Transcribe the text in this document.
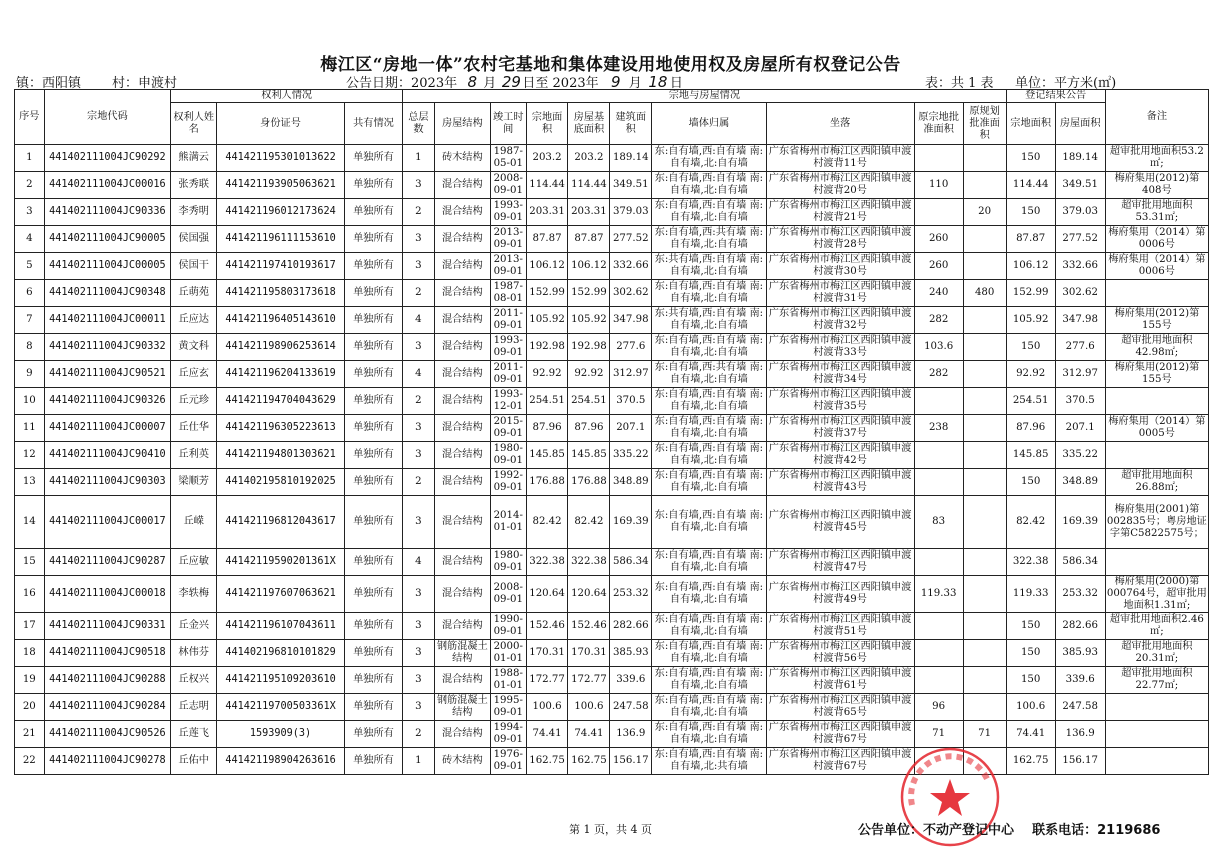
梅江区“房地一体”农村宅基地和集体建设用地使用权及房屋所有权登记公告
镇：西阳镇 村：申渡村	公告日期：2023年 8 月 29日至 2023年 9 月 18 日	表：共 1 表 单位：平方米(㎡)
序号	宗地代码	权利人情况			宗地与房屋情况										登记结果公告		备注
		权利人姓名	身份证号	共有情况	总层数	房屋结构	竣工时间	宗地面积	房屋基底面积	建筑面积	墙体归属	坐落	原宗地批准面积	原规划批准面积	宗地面积	房屋面积	
1	441402111004JC90292	熊满云	441421195301013622	单独所有	1	砖木结构	1987-05-01	203.2	203.2	189.14	东:自有墙,西:自有墙 南:自有墙,北:自有墙	广东省梅州市梅江区西阳镇申渡村渡背11号			150	189.14	超审批用地面积53.2㎡;
2	441402111004JC00016	张秀联	441421193905063621	单独所有	3	混合结构	2008-09-01	114.44	114.44	349.51	东:自有墙,西:自有墙 南:自有墙,北:自有墙	广东省梅州市梅江区西阳镇申渡村渡背20号	110		114.44	349.51	梅府集用(2012)第408号
3	441402111004JC90336	李秀明	441421196012173624	单独所有	2	混合结构	1993-09-01	203.31	203.31	379.03	东:自有墙,西:自有墙 南:自有墙,北:自有墙	广东省梅州市梅江区西阳镇申渡村渡背21号		20	150	379.03	超审批用地面积53.31㎡;
4	441402111004JC90005	侯国强	441421196111153610	单独所有	3	混合结构	2013-09-01	87.87	87.87	277.52	东:自有墙,西:共有墙 南:自有墙,北:自有墙	广东省梅州市梅江区西阳镇申渡村渡背28号	260		87.87	277.52	梅府集用（2014）第0006号
5	441402111004JC00005	侯国干	441421197410193617	单独所有	3	混合结构	2013-09-01	106.12	106.12	332.66	东:共有墙,西:自有墙 南:自有墙,北:自有墙	广东省梅州市梅江区西阳镇申渡村渡背30号	260		106.12	332.66	梅府集用（2014）第0006号
6	441402111004JC90348	丘萌苑	441421195803173618	单独所有	2	混合结构	1987-08-01	152.99	152.99	302.62	东:自有墙,西:自有墙 南:自有墙,北:自有墙	广东省梅州市梅江区西阳镇申渡村渡背31号	240	480	152.99	302.62	
7	441402111004JC00011	丘应达	441421196405143610	单独所有	4	混合结构	2011-09-01	105.92	105.92	347.98	东:共有墙,西:自有墙 南:自有墙,北:自有墙	广东省梅州市梅江区西阳镇申渡村渡背32号	282		105.92	347.98	梅府集用(2012)第155号
8	441402111004JC90332	黄文科	441421198906253614	单独所有	3	混合结构	1993-09-01	192.98	192.98	277.6	东:自有墙,西:自有墙 南:自有墙,北:自有墙	广东省梅州市梅江区西阳镇申渡村渡背33号	103.6		150	277.6	超审批用地面积42.98㎡;
9	441402111004JC90521	丘应玄	441421196204133619	单独所有	4	混合结构	2011-09-01	92.92	92.92	312.97	东:自有墙,西:共有墙 南:自有墙,北:自有墙	广东省梅州市梅江区西阳镇申渡村渡背34号	282		92.92	312.97	梅府集用(2012)第155号
10	441402111004JC90326	丘元珍	441421194704043629	单独所有	2	混合结构	1993-12-01	254.51	254.51	370.5	东:自有墙,西:自有墙 南:自有墙,北:自有墙	广东省梅州市梅江区西阳镇申渡村渡背35号			254.51	370.5	
11	441402111004JC00007	丘仕华	441421196305223613	单独所有	3	混合结构	2015-09-01	87.96	87.96	207.1	东:自有墙,西:自有墙 南:自有墙,北:自有墙	广东省梅州市梅江区西阳镇申渡村渡背37号	238		87.96	207.1	梅府集用（2014）第0005号
12	441402111004JC90410	丘利英	441421194801303621	单独所有	3	混合结构	1980-09-01	145.85	145.85	335.22	东:自有墙,西:自有墙 南:自有墙,北:自有墙	广东省梅州市梅江区西阳镇申渡村渡背42号			145.85	335.22	
13	441402111004JC90303	梁顺芳	441402195810192025	单独所有	2	混合结构	1992-09-01	176.88	176.88	348.89	东:自有墙,西:自有墙 南:自有墙,北:自有墙	广东省梅州市梅江区西阳镇申渡村渡背43号			150	348.89	超审批用地面积26.88㎡;
14	441402111004JC00017	丘嵘	441421196812043617	单独所有	3	混合结构	2014-01-01	82.42	82.42	169.39	东:自有墙,西:自有墙 南:自有墙,北:自有墙	广东省梅州市梅江区西阳镇申渡村渡背45号	83		82.42	169.39	梅府集用(2001)第002835号；粤房地证字第C5822575号；
15	441402111004JC90287	丘应敏	44142119590201361X	单独所有	4	混合结构	1980-09-01	322.38	322.38	586.34	东:自有墙,西:自有墙 南:自有墙,北:自有墙	广东省梅州市梅江区西阳镇申渡村渡背47号			322.38	586.34	
16	441402111004JC00018	李轶梅	441421197607063621	单独所有	3	混合结构	2008-09-01	120.64	120.64	253.32	东:自有墙,西:自有墙 南:自有墙,北:自有墙	广东省梅州市梅江区西阳镇申渡村渡背49号	119.33		119.33	253.32	梅府集用(2000)第000764号，超审批用地面积1.31㎡;
17	441402111004JC90331	丘金兴	441421196107043611	单独所有	3	混合结构	1990-09-01	152.46	152.46	282.66	东:自有墙,西:自有墙 南:自有墙,北:自有墙	广东省梅州市梅江区西阳镇申渡村渡背51号			150	282.66	超审批用地面积2.46㎡;
18	441402111004JC90518	林伟芬	441402196810101829	单独所有	3	钢筋混凝土结构	2000-01-01	170.31	170.31	385.93	东:自有墙,西:自有墙 南:自有墙,北:自有墙	广东省梅州市梅江区西阳镇申渡村渡背56号			150	385.93	超审批用地面积20.31㎡;
19	441402111004JC90288	丘权兴	441421195109203610	单独所有	3	混合结构	1988-01-01	172.77	172.77	339.6	东:自有墙,西:自有墙 南:自有墙,北:自有墙	广东省梅州市梅江区西阳镇申渡村渡背61号			150	339.6	超审批用地面积22.77㎡;
20	441402111004JC90284	丘志明	44142119700503361X	单独所有	3	钢筋混凝土结构	1995-09-01	100.6	100.6	247.58	东:自有墙,西:自有墙 南:自有墙,北:自有墙	广东省梅州市梅江区西阳镇申渡村渡背65号	96		100.6	247.58	
21	441402111004JC90526	丘莲飞	1593909(3)	单独所有	2	混合结构	1994-09-01	74.41	74.41	136.9	东:自有墙,西:自有墙 南:自有墙,北:自有墙	广东省梅州市梅江区西阳镇申渡村渡背67号	71	71	74.41	136.9	
22	441402111004JC90278	丘佑中	441421198904263616	单独所有	1	砖木结构	1976-09-01	162.75	162.75	156.17	东:自有墙,西:自有墙 南:自有墙,北:共有墙	广东省梅州市梅江区西阳镇申渡村渡背67号			162.75	156.17	
第 1 页，共 4 页	公告单位：不动产登记中心 联系电话：2119686
